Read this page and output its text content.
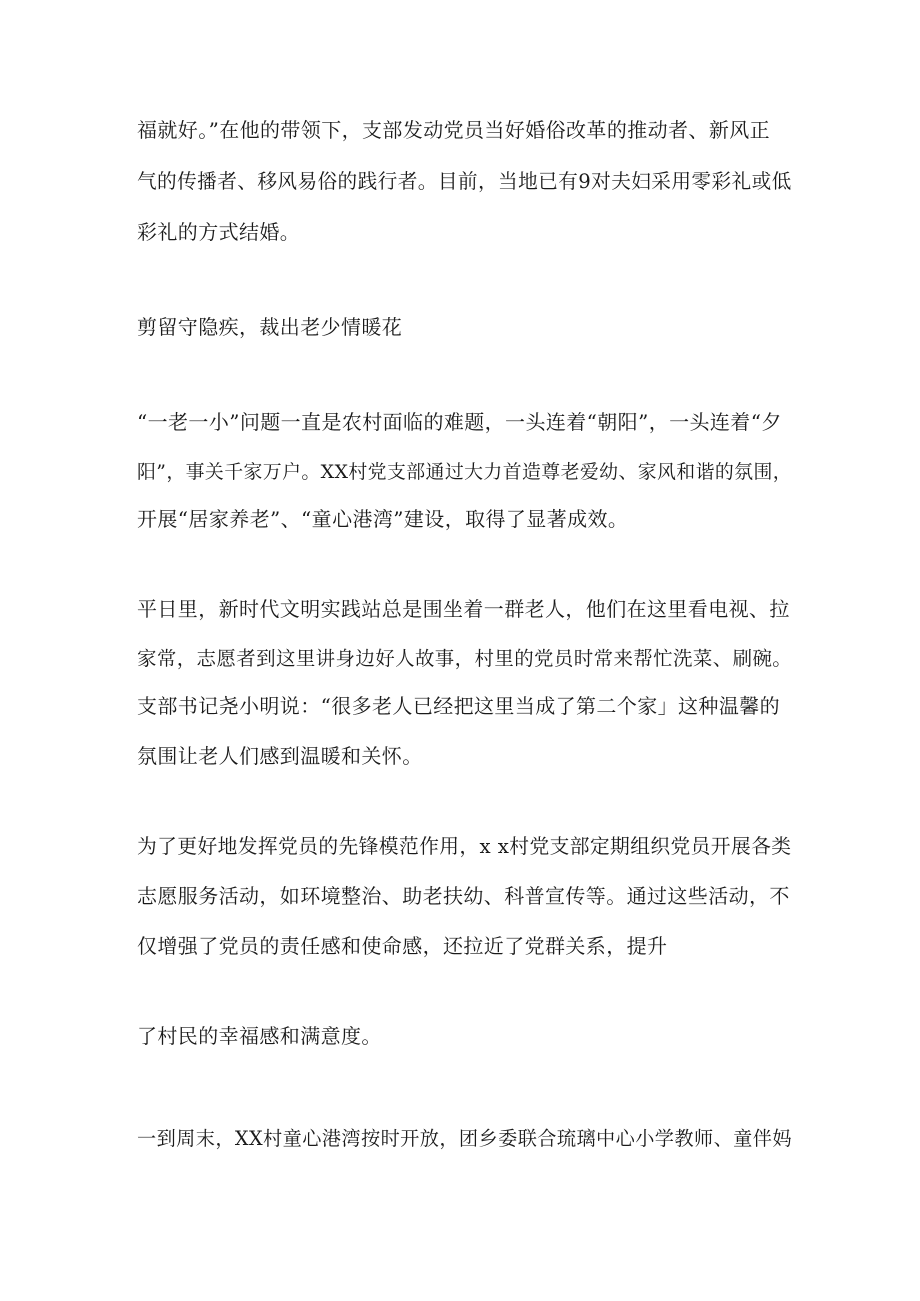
福就好。”在他的带领下，支部发动党员当好婚俗改革的推动者、新风正
气的传播者、移风易俗的践行者。目前，当地已有9对夫妇采用零彩礼或低
彩礼的方式结婚。
剪留守隐疾，裁出老少情暖花
“一老一小”问题一直是农村面临的难题，一头连着“朝阳”，一头连着“夕
阳”，事关千家万户。XX村党支部通过大力首造尊老爱幼、家风和谐的氛围，
开展“居家养老”、“童心港湾”建设，取得了显著成效。
平日里，新时代文明实践站总是围坐着一群老人，他们在这里看电视、拉
家常，志愿者到这里讲身边好人故事，村里的党员时常来帮忙洗菜、刷碗。
支部书记尧小明说：“很多老人已经把这里当成了第二个家」这种温馨的
氛围让老人们感到温暖和关怀。
为了更好地发挥党员的先锋模范作用，x x村党支部定期组织党员开展各类
志愿服务活动，如环境整治、助老扶幼、科普宣传等。通过这些活动，不
仅增强了党员的责任感和使命感，还拉近了党群关系，提升
了村民的幸福感和满意度。
一到周末，XX村童心港湾按时开放，团乡委联合琉璃中心小学教师、童伴妈
